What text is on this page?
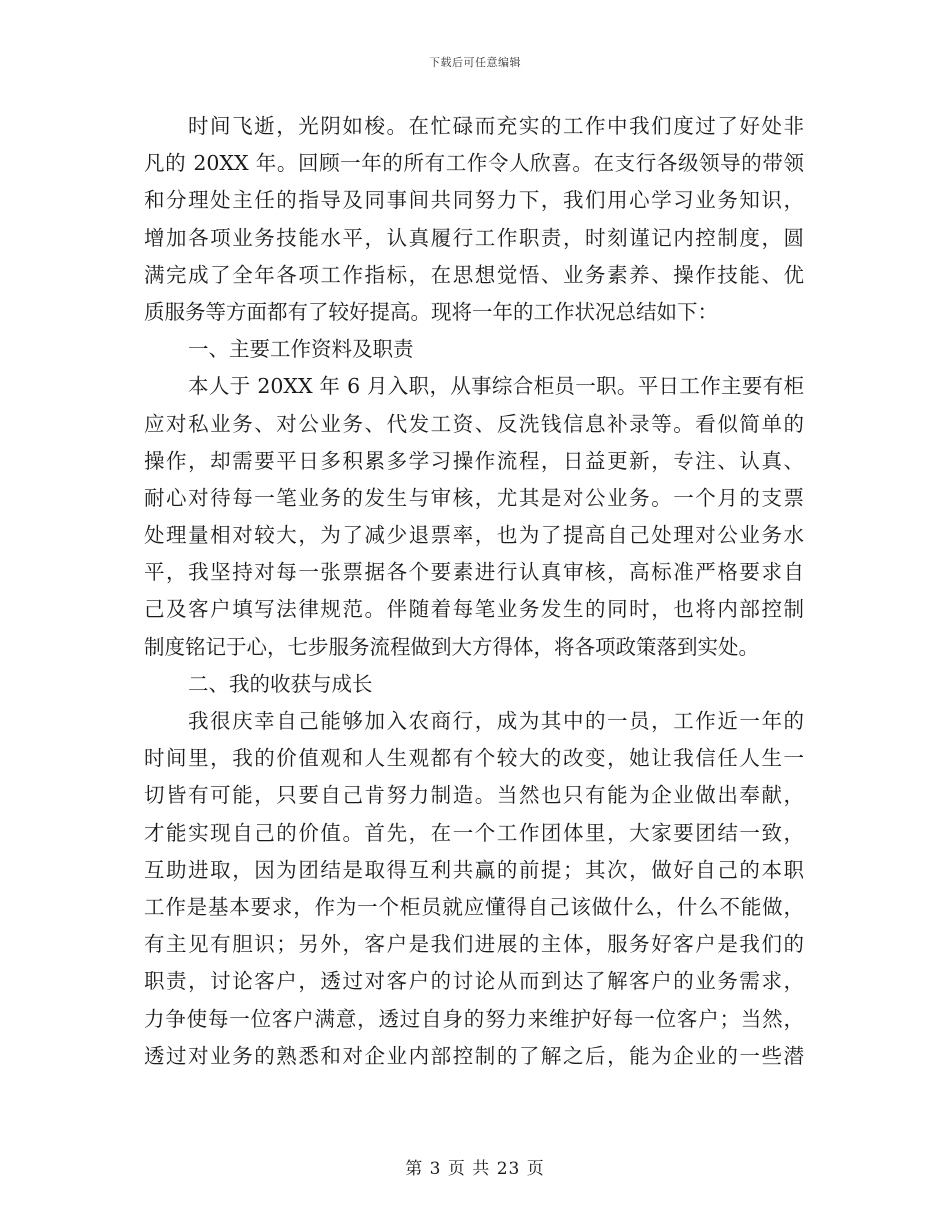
下载后可任意编辑
时间飞逝，光阴如梭。在忙碌而充实的工作中我们度过了好处非
凡的 20XX 年。回顾一年的所有工作令人欣喜。在支行各级领导的带领
和分理处主任的指导及同事间共同努力下，我们用心学习业务知识，
增加各项业务技能水平，认真履行工作职责，时刻谨记内控制度，圆
满完成了全年各项工作指标，在思想觉悟、业务素养、操作技能、优
质服务等方面都有了较好提高。现将一年的工作状况总结如下：
一、主要工作资料及职责
本人于 20XX 年 6 月入职，从事综合柜员一职。平日工作主要有柜
应对私业务、对公业务、代发工资、反洗钱信息补录等。看似简单的
操作，却需要平日多积累多学习操作流程，日益更新，专注、认真、
耐心对待每一笔业务的发生与审核，尤其是对公业务。一个月的支票
处理量相对较大，为了减少退票率，也为了提高自己处理对公业务水
平，我坚持对每一张票据各个要素进行认真审核，高标准严格要求自
己及客户填写法律规范。伴随着每笔业务发生的同时，也将内部控制
制度铭记于心，七步服务流程做到大方得体，将各项政策落到实处。
二、我的收获与成长
我很庆幸自己能够加入农商行，成为其中的一员，工作近一年的
时间里，我的价值观和人生观都有个较大的改变，她让我信任人生一
切皆有可能，只要自己肯努力制造。当然也只有能为企业做出奉献，
才能实现自己的价值。首先，在一个工作团体里，大家要团结一致，
互助进取，因为团结是取得互利共赢的前提；其次，做好自己的本职
工作是基本要求，作为一个柜员就应懂得自己该做什么，什么不能做，
有主见有胆识；另外，客户是我们进展的主体，服务好客户是我们的
职责，讨论客户，透过对客户的讨论从而到达了解客户的业务需求，
力争使每一位客户满意，透过自身的努力来维护好每一位客户；当然，
透过对业务的熟悉和对企业内部控制的了解之后，能为企业的一些潜
第 3 页 共 23 页
